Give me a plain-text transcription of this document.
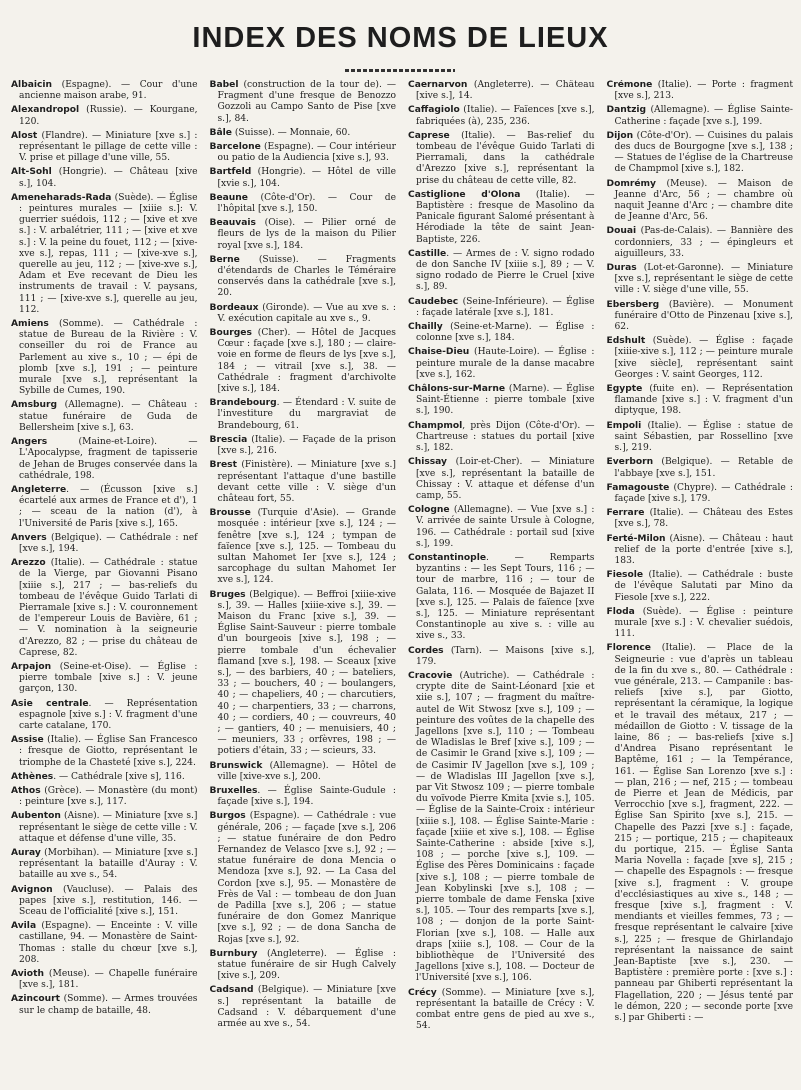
INDEX DES NOMS DE LIEUX

Albaicin (Espagne). — Cour d'une ancienne maison arabe, 91.

Alexandropol (Russie). — Kourgane, 120.

Alost (Flandre). — Miniature [xve s.] : représentant le pillage de cette ville : V. prise et pillage d'une ville, 55.

Alt-Sohl (Hongrie). — Château [xive s.], 104.

Ameneharads-Rada (Suède). — Église : peintures murales — [xiiie s.]: V. guerrier suédois, 112 ; — [xive et xve s.] : V. arbalétrier, 111 ; — [xive et xve s.] : V. la peine du fouet, 112 ; — [xive-xve s.], repas, 111 ; — [xive-xve s.], querelle au jeu, 112 ; — [xive-xve s.], Adam et Eve recevant de Dieu les instruments de travail : V. paysans, 111 ; — [xive-xve s.], querelle au jeu, 112.

Amiens (Somme). — Cathédrale : statue de Bureau de la Rivière : V. conseiller du roi de France au Parlement au xive s., 10 ; — épi de plomb [xve s.], 191 ; — peinture murale [xve s.], représentant la Sybille de Cumes, 190.

Amsburg (Allemagne). — Château : statue funéraire de Guda de Bellersheim [xive s.], 63.

Angers (Maine-et-Loire). — L'Apocalypse, fragment de tapisserie de Jehan de Bruges conservée dans la cathédrale, 198.

Angleterre. — (Écusson [xive s.] écartelé aux armes de France et d'), 1 ; — sceau de la nation (d'), à l'Université de Paris [xive s.], 165.

Anvers (Belgique). — Cathédrale : nef [xve s.], 194.

Arezzo (Italie). — Cathédrale : statue de la Vierge, par Giovanni Pisano [xiiie s.], 217 ; — bas-reliefs du tombeau de l'évêque Guido Tarlati di Pierramale [xive s.] : V. couronnement de l'empereur Louis de Bavière, 61 ; — V. nomination à la seigneurie d'Arezzo, 82 ; — prise du château de Caprese, 82.

Arpajon (Seine-et-Oise). — Église : pierre tombale [xive s.] : V. jeune garçon, 130.

Asie centrale. — Représentation espagnole [xive s.] : V. fragment d'une carte catalane, 170.

Assise (Italie). — Église San Francesco : fresque de Giotto, représentant le triomphe de la Chasteté [xive s.], 224.

Athènes. — Cathédrale [xive s], 116.

Athos (Grèce). — Monastère (du mont) : peinture [xve s.], 117.

Aubenton (Aisne). — Miniature [xve s.] représentant le siège de cette ville : V. attaque et défense d'une ville, 35.

Auray (Morbihan). — Miniature [xve s.] représentant la bataille d'Auray : V. bataille au xve s., 54.

Avignon (Vaucluse). — Palais des papes [xive s.], restitution, 146. — Sceau de l'officialité [xive s.], 151.

Avila (Espagne). — Enceinte : V. ville castillane, 94. — Monastère de Saint-Thomas : stalle du chœur [xve s.], 208.

Avioth (Meuse). — Chapelle funéraire [xve s.], 181.

Azincourt (Somme). — Armes trouvées sur le champ de bataille, 48.

Babel (construction de la tour de). — Fragment d'une fresque de Benozzo Gozzoli au Campo Santo de Pise [xve s.], 84.

Bâle (Suisse). — Monnaie, 60.

Barcelone (Espagne). — Cour intérieur ou patio de la Audiencia [xive s.], 93.

Bartfeld (Hongrie). — Hôtel de ville [xvie s.], 104.

Beaune (Côte-d'Or). — Cour de l'hôpital [xve s.], 150.

Beauvais (Oise). — Pilier orné de fleurs de lys de la maison du Pilier royal [xve s.], 184.

Berne (Suisse). — Fragments d'étendards de Charles le Téméraire conservés dans la cathédrale [xve s.], 20.

Bordeaux (Gironde). — Vue au xve s. : V. exécution capitale au xve s., 9.

Bourges (Cher). — Hôtel de Jacques Cœur : façade [xve s.], 180 ; — claire-voie en forme de fleurs de lys [xve s.], 184 ; — vitrail [xve s.], 38. — Cathédrale : fragment d'archivolte [xive s.], 184.

Brandebourg. — Étendard : V. suite de l'investiture du margraviat de Brandebourg, 61.

Brescia (Italie). — Façade de la prison [xve s.], 216.

Brest (Finistère). — Miniature [xve s.] représentant l'attaque d'une bastille devant cette ville : V. siège d'un château fort, 55.

Brousse (Turquie d'Asie). — Grande mosquée : intérieur [xve s.], 124 ; — fenêtre [xve s.], 124 ; tympan de faïence [xve s.], 125. — Tombeau du sultan Mahomet Ier [xve s.], 124 ; sarcophage du sultan Mahomet Ier xve s.], 124.

Bruges (Belgique). — Beffroi [xiiie-xive s.], 39. — Halles [xiiie-xive s.], 39. — Maison du Franc [xive s.], 39. — Église Saint-Sauveur : pierre tombale d'un bourgeois [xive s.], 198 ; — pierre tombale d'un échevalier flamand [xve s.], 198. — Sceaux [xive s.], — des barbiers, 40 ; — bateliers, 33 ; — bouchers, 40 ; — boulangers, 40 ; — chapeliers, 40 ; — charcutiers, 40 ; — charpentiers, 33 ; — charrons, 40 ; — cordiers, 40 ; — couvreurs, 40 ; — gantiers, 40 ; — menuisiers, 40 ; — meuniers, 33 ; orfèvres, 198 ; — potiers d'étain, 33 ; — scieurs, 33.

Brunswick (Allemagne). — Hôtel de ville [xive-xve s.], 200.

Bruxelles. — Église Sainte-Gudule : façade [xive s.], 194.

Burgos (Espagne). — Cathédrale : vue générale, 206 ; — façade [xve s.], 206 ; — statue funéraire de don Pedro Fernandez de Velasco [xve s.], 92 ; — statue funéraire de dona Mencia o Mendoza [xve s.], 92. — La Casa del Cordon [xve s.], 95. — Monastère de Frès de Val : — tombeau de don Juan de Padilla [xve s.], 206 ; — statue funéraire de don Gomez Manrique [xve s.], 92 ; — de dona Sancha de Rojas [xve s.], 92.

Burnbury (Angleterre). — Église : statue funéraire de sir Hugh Calvely [xive s.], 209.

Cadsand (Belgique). — Miniature [xve s.] représentant la bataille de Cadsand : V. débarquement d'une armée au xve s., 54.

Caernarvon (Angleterre). — Château [xive s.], 14.

Caffagiolo (Italie). — Faïences [xve s.], fabriquées (à), 235, 236.

Caprese (Italie). — Bas-relief du tombeau de l'évêque Guido Tarlati di Pierramali, dans la cathédrale d'Arezzo [xive s.], représentant la prise du château de cette ville, 82.

Castiglione d'Olona (Italie). — Baptistère : fresque de Masolino da Panicale figurant Salomé présentant à Hérodiade la tête de saint Jean-Baptiste, 226.

Castille. — Armes de : V. signo rodado de don Sanche IV [xiiie s.], 89 ; — V. signo rodado de Pierre le Cruel [xive s.], 89.

Caudebec (Seine-Inférieure). — Église : façade latérale [xve s.], 181.

Chailly (Seine-et-Marne). — Église : colonne [xve s.], 184.

Chaise-Dieu (Haute-Loire). — Église : peinture murale de la danse macabre [xve s.], 162.

Châlons-sur-Marne (Marne). — Église Saint-Étienne : pierre tombale [xive s.], 190.

Champmol, près Dijon (Côte-d'Or). — Chartreuse : statues du portail [xive s.], 182.

Chissay (Loir-et-Cher). — Miniature [xve s.], représentant la bataille de Chissay : V. attaque et défense d'un camp, 55.

Cologne (Allemagne). — Vue [xve s.] : V. arrivée de sainte Ursule à Cologne, 196. — Cathédrale : portail sud [xive s.], 199.

Constantinople. — Remparts byzantins : — les Sept Tours, 116 ; — tour de marbre, 116 ; — tour de Galata, 116. — Mosquée de Bajazet II [xve s.], 125. — Palais de faïence [xve s.], 125. — Miniature représentant Constantinople au xive s. : ville au xive s., 33.

Cordes (Tarn). — Maisons [xive s.], 179.

Cracovie (Autriche). — Cathédrale : crypte dite de Saint-Léonard [xie et xiie s.], 107 ; — fragment du maître-autel de Wit Stwosz [xve s.], 109 ; — peinture des voûtes de la chapelle des Jagellons [xve s.], 110 ; — Tombeau de Wladislas le Bref [xive s.], 109 ; — de Casimir le Grand [xive s.], 109 ; — de Casimir IV Jagellon [xve s.], 109 ; — de Wladislas III Jagellon [xve s.], par Vit Stwosz 109 ; — pierre tombale du voïvode Pierre Kmita [xvie s.], 105. — Église de la Sainte-Croix : intérieur [xiiie s.], 108. — Église Sainte-Marie : façade [xiiie et xive s.], 108. — Église Sainte-Catherine : abside [xive s.], 108 ; — porche [xive s.], 109. — Église des Pères Dominicains : façade [xive s.], 108 ; — pierre tombale de Jean Kobylinski [xve s.], 108 ; — pierre tombale de dame Fenska [xive s.], 105. — Tour des remparts [xve s.], 108 ; — donjon de la porte Saint-Florian [xve s.], 108. — Halle aux draps [xiiie s.], 108. — Cour de la bibliothèque de l'Université des Jagellons [xive s.], 108. — Docteur de l'Université [xve s.], 106.

Crécy (Somme). — Miniature [xve s.], représentant la bataille de Crécy : V. combat entre gens de pied au xve s., 54.

Crémone (Italie). — Porte : fragment [xve s.], 213.

Dantzig (Allemagne). — Église Sainte-Catherine : façade [xve s.], 199.

Dijon (Côte-d'Or). — Cuisines du palais des ducs de Bourgogne [xve s.], 138 ; — Statues de l'église de la Chartreuse de Champmol [xive s.], 182.

Domrémy (Meuse). — Maison de Jeanne d'Arc, 56 ; — chambre où naquit Jeanne d'Arc ; — chambre dite de Jeanne d'Arc, 56.

Douai (Pas-de-Calais). — Bannière des cordonniers, 33 ; — épingleurs et aiguilleurs, 33.

Duras (Lot-et-Garonne). — Miniature [xve s.], représentant le siège de cette ville : V. siège d'une ville, 55.

Ebersberg (Bavière). — Monument funéraire d'Otto de Pinzenau [xive s.], 62.

Edshult (Suède). — Église : façade [xiiie-xive s.], 112 ; — peinture murale [xive siècle], représentant saint Georges : V. saint Georges, 112.

Egypte (fuite en). — Représentation flamande [xive s.] : V. fragment d'un diptyque, 198.

Empoli (Italie). — Église : statue de saint Sébastien, par Rossellino [xve s.], 219.

Everborn (Belgique). — Retable de l'abbaye [xve s.], 151.

Famagouste (Chypre). — Cathédrale : façade [xive s.], 179.

Ferrare (Italie). — Château des Estes [xve s.], 78.

Ferté-Milon (Aisne). — Château : haut relief de la porte d'entrée [xive s.], 183.

Fiesole (Italie). — Cathédrale : buste de l'évêque Salutati par Mino da Fiesole [xve s.], 222.

Floda (Suède). — Église : peinture murale [xve s.] : V. chevalier suédois, 111.

Florence (Italie). — Place de la Seigneurie : vue d'après un tableau de la fin du xve s., 80. — Cathédrale : vue générale, 213. — Campanile : bas-reliefs [xive s.], par Giotto, représentant la céramique, la logique et le travail des métaux, 217 ; — médaillon de Giotto : V. tissage de la laine, 86 ; — bas-reliefs [xive s.] d'Andrea Pisano représentant le Baptême, 161 ; — la Tempérance, 161. — Église San Lorenzo [xve s.] : — plan, 216 ; — nef, 215 ; — tombeau de Pierre et Jean de Médicis, par Verrocchio [xve s.], fragment, 222. — Église San Spirito [xve s.], 215. — Chapelle des Pazzi [xve s.] : façade, 215 ; — portique, 215 ; — chapiteaux du portique, 215. — Église Santa Maria Novella : façade [xve s], 215 ; — chapelle des Espagnols : — fresque [xive s.], fragment : V. groupe d'ecclésiastiques au xive s., 148 ; — fresque [xive s.], fragment : V. mendiants et vieilles femmes, 73 ; — fresque représentant le calvaire [xive s.], 225 ; — fresque de Ghirlandajo représentant la naissance de saint Jean-Baptiste [xve s.], 230. — Baptistère : première porte : [xve s.] : panneau par Ghiberti représentant la Flagellation, 220 ; — Jésus tenté par le démon, 220 ; — seconde porte [xve s.] par Ghiberti : —
